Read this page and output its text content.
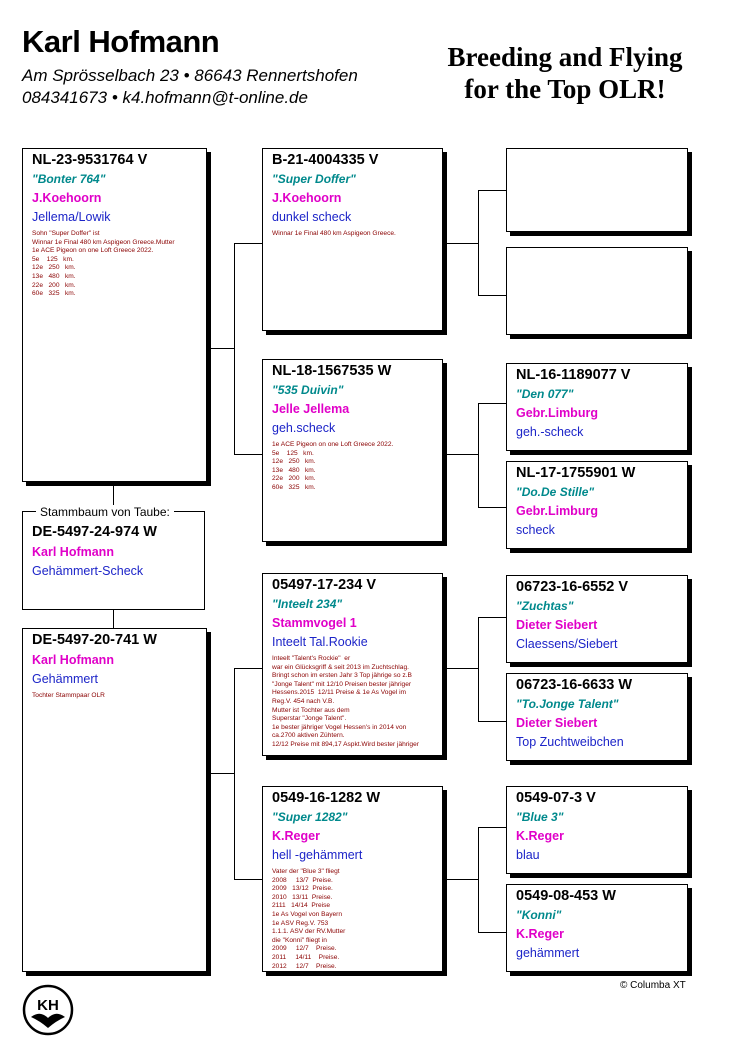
Karl Hofmann
Am Sprösselbach 23 • 86643 Rennertshofen
084341673 • k4.hofmann@t-online.de
Breeding and Flying
for the Top OLR!
DE-5497-24-974 W
Karl Hofmann
Gehämmert-Scheck
Stammbaum von Taube:
NL-23-9531764 V
"Bonter 764"
J.Koehoorn
Jellema/Lowik
Sohn "Super Doffer" ist
Winnar 1e Final 480 km Aspigeon Greece.Mutter
1e ACE Pigeon on one Loft Greece 2022.
5e    125   km.
12e   250   km.
13e   480   km.
22e   200   km.
60e   325   km.
DE-5497-20-741 W
Karl Hofmann
Gehämmert
Tochter Stammpaar OLR
B-21-4004335 V
"Super Doffer"
J.Koehoorn
dunkel scheck
Winnar 1e Final 480 km Aspigeon Greece.
NL-18-1567535 W
"535 Duivin"
Jelle Jellema
geh.scheck
1e ACE Pigeon on one Loft Greece 2022.
5e    125   km.
12e   250   km.
13e   480   km.
22e   200   km.
60e   325   km.
05497-17-234 V
"Inteelt 234"
Stammvogel 1
Inteelt Tal.Rookie
Inteelt "Talent's Rockie"  er
war ein Glücksgriff & seit 2013 im Zuchtschlag.
Bringt schon im ersten Jahr 3 Top jährige so z.B
"Jonge Talent" mit 12/10 Preisen bester jähriger
Hessens.2015  12/11 Preise & 1e As Vogel im
Reg.V. 454 nach V.B.
Mutter ist Tochter aus dem
Superstar "Jonge Talent".
1e bester jähriger Vogel Hessen's in 2014 von
ca.2700 aktiven Zühtern.
12/12 Preise mit 894,17 Aspkt.Wird bester jähriger
0549-16-1282 W
"Super 1282"
K.Reger
hell -gehämmert
Vater der "Blue 3" fliegt
2008     13/7  Preise.
2009   13/12  Preise.
2010   13/11  Preise.
2111   14/14  Preise
1e As Vogel von Bayern
1e ASV Reg.V. 753
1.1.1. ASV der RV.Mutter
die "Konni" fliegt in
2009     12/7    Preise.
2011     14/11    Preise.
2012     12/7    Preise.
NL-16-1189077 V
"Den 077"
Gebr.Limburg
geh.-scheck
NL-17-1755901 W
"Do.De Stille"
Gebr.Limburg
scheck
06723-16-6552 V
"Zuchtas"
Dieter Siebert
Claessens/Siebert
06723-16-6633 W
"To.Jonge Talent"
Dieter Siebert
Top Zuchtweibchen
0549-07-3 V
"Blue 3"
K.Reger
blau
0549-08-453 W
"Konni"
K.Reger
gehämmert
© Columba XT
KH
